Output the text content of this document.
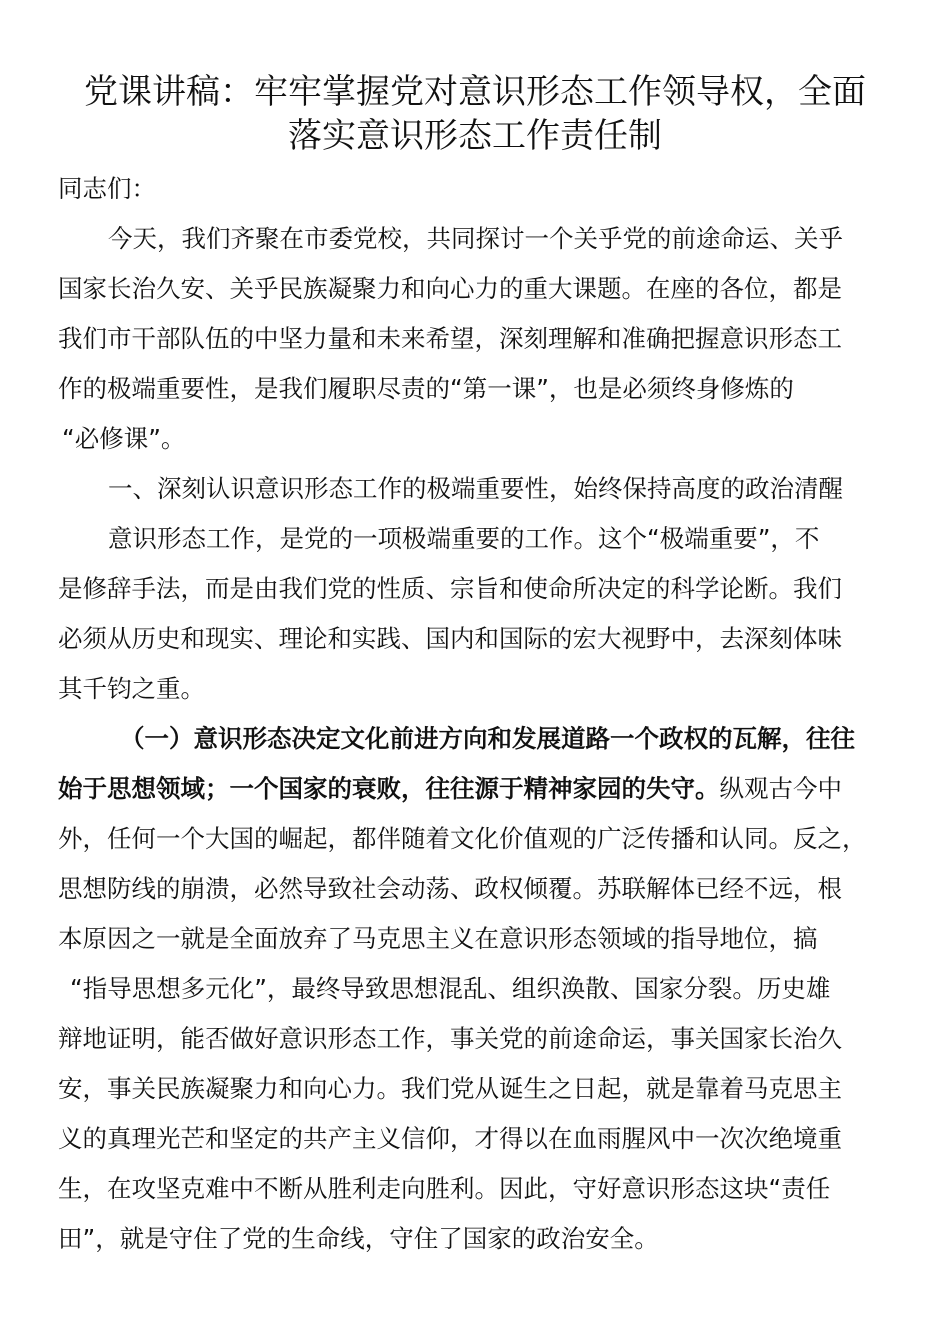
党课讲稿：牢牢掌握党对意识形态工作领导权，全面
落实意识形态工作责任制
同志们：
今天，我们齐聚在市委党校，共同探讨一个关乎党的前途命运、关乎
国家长治久安、关乎民族凝聚力和向心力的重大课题。在座的各位，都是
我们市干部队伍的中坚力量和未来希望，深刻理解和准确把握意识形态工
作的极端重要性，是我们履职尽责的“第一课”，也是必须终身修炼的
“必修课”。
一、深刻认识意识形态工作的极端重要性，始终保持高度的政治清醒
意识形态工作，是党的一项极端重要的工作。这个“极端重要”，不
是修辞手法，而是由我们党的性质、宗旨和使命所决定的科学论断。我们
必须从历史和现实、理论和实践、国内和国际的宏大视野中，去深刻体味
其千钧之重。
（一）意识形态决定文化前进方向和发展道路一个政权的瓦解，往往
始于思想领域；一个国家的衰败，往往源于精神家园的失守。纵观古今中
外，任何一个大国的崛起，都伴随着文化价值观的广泛传播和认同。反之，
思想防线的崩溃，必然导致社会动荡、政权倾覆。苏联解体已经不远，根
本原因之一就是全面放弃了马克思主义在意识形态领域的指导地位，搞
“指导思想多元化”，最终导致思想混乱、组织涣散、国家分裂。历史雄
辩地证明，能否做好意识形态工作，事关党的前途命运，事关国家长治久
安，事关民族凝聚力和向心力。我们党从诞生之日起，就是靠着马克思主
义的真理光芒和坚定的共产主义信仰，才得以在血雨腥风中一次次绝境重
生，在攻坚克难中不断从胜利走向胜利。因此，守好意识形态这块“责任
田”，就是守住了党的生命线，守住了国家的政治安全。
